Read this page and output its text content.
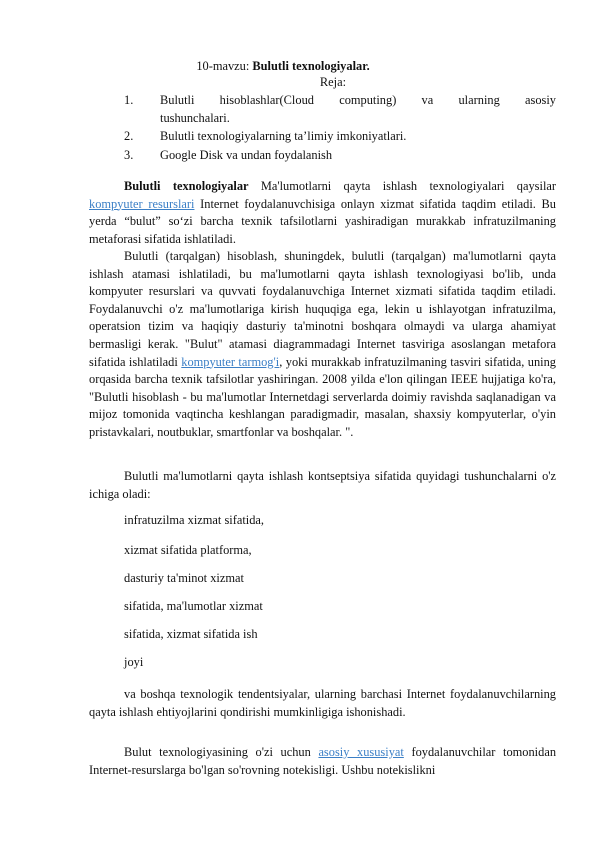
10-mavzu: Bulutli texnologiyalar.
Reja:
1. Bulutli hisoblashlar(Cloud computing) va ularning asosiy
tushunchalari.
2. Bulutli texnologiyalarning ta’limiy imkoniyatlari.
3. Google Disk va undan foydalanish
Bulutli texnologiyalar Ma'lumotlarni qayta ishlash texnologiyalari qaysilar kompyuter resurslari Internet foydalanuvchisiga onlayn xizmat sifatida taqdim etiladi. Bu yerda “bulut” so‘zi barcha texnik tafsilotlarni yashiradigan murakkab infratuzilmaning metaforasi sifatida ishlatiladi.
Bulutli (tarqalgan) hisoblash, shuningdek, bulutli (tarqalgan) ma'lumotlarni qayta ishlash atamasi ishlatiladi, bu ma'lumotlarni qayta ishlash texnologiyasi bo'lib, unda kompyuter resurslari va quvvati foydalanuvchiga Internet xizmati sifatida taqdim etiladi. Foydalanuvchi o'z ma'lumotlariga kirish huquqiga ega, lekin u ishlayotgan infratuzilma, operatsion tizim va haqiqiy dasturiy ta'minotni boshqara olmaydi va ularga ahamiyat bermasligi kerak. "Bulut" atamasi diagrammadagi Internet tasviriga asoslangan metafora sifatida ishlatiladi kompyuter tarmog'i, yoki murakkab infratuzilmaning tasviri sifatida, uning orqasida barcha texnik tafsilotlar yashiringan. 2008 yilda e'lon qilingan IEEE hujjatiga ko'ra, "Bulutli hisoblash - bu ma'lumotlar Internetdagi serverlarda doimiy ravishda saqlanadigan va mijoz tomonida vaqtincha keshlangan paradigmadir, masalan, shaxsiy kompyuterlar, o'yin pristavkalari, noutbuklar, smartfonlar va boshqalar. ".
Bulutli ma'lumotlarni qayta ishlash kontseptsiya sifatida quyidagi tushunchalarni o'z ichiga oladi:
infratuzilma xizmat sifatida,
xizmat sifatida platforma,
dasturiy ta'minot xizmat
sifatida, ma'lumotlar xizmat
sifatida, xizmat sifatida ish
joyi
va boshqa texnologik tendentsiyalar, ularning barchasi Internet foydalanuvchilarning qayta ishlash ehtiyojlarini qondirishi mumkinligiga ishonishadi.
Bulut texnologiyasining o'zi uchun asosiy xususiyat foydalanuvchilar tomonidan Internet-resurslarga bo'lgan so'rovning notekisligi. Ushbu notekislikni
